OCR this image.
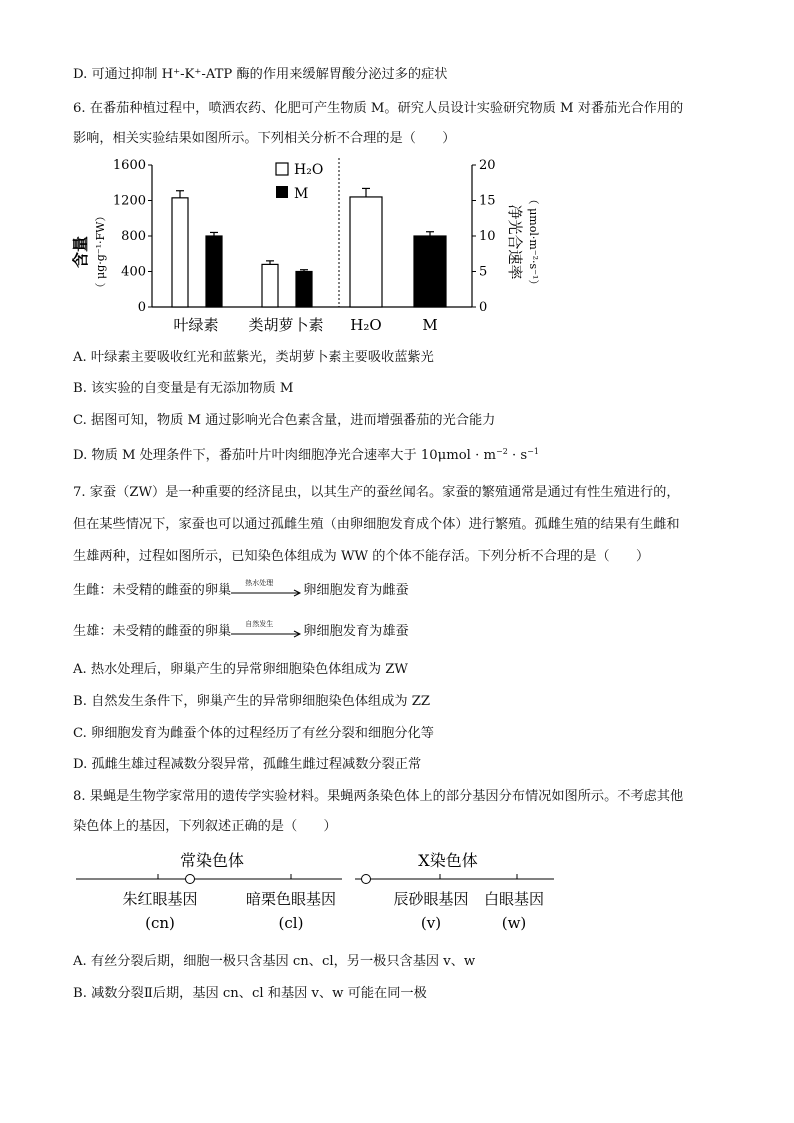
D. 可通过抑制 H⁺-K⁺-ATP 酶的作用来缓解胃酸分泌过多的症状
6. 在番茄种植过程中，喷洒农药、化肥可产生物质 M。研究人员设计实验研究物质 M 对番茄光合作用的
影响，相关实验结果如图所示。下列相关分析不合理的是（　　）
含量 （ μg·g⁻¹·FW）	净光合速率 （ μmol·m⁻²·s⁻¹）
0
400
800
1200
1600
0
5
10
15
20
H₂O
M
叶绿素 类胡萝卜素 H₂O	M
A. 叶绿素主要吸收红光和蓝紫光，类胡萝卜素主要吸收蓝紫光
B. 该实验的自变量是有无添加物质 M
C. 据图可知，物质 M 通过影响光合色素含量，进而增强番茄的光合能力
D. 物质 M 处理条件下，番茄叶片叶肉细胞净光合速率大于 $10\mu mol \cdot m^{-2} \cdot s^{-1}$
7. 家蚕（ZW）是一种重要的经济昆虫，以其生产的蚕丝闻名。家蚕的繁殖通常是通过有性生殖进行的，
但在某些情况下，家蚕也可以通过孤雌生殖（由卵细胞发育成个体）进行繁殖。孤雌生殖的结果有生雌和
生雄两种，过程如图所示，已知染色体组成为 WW 的个体不能存活。下列分析不合理的是（　　）
生雌：未受精的雌蚕的卵巢
热水处理
卵细胞发育为雌蚕
生雄：未受精的雌蚕的卵巢
自然发生
卵细胞发育为雄蚕
A. 热水处理后，卵巢产生的异常卵细胞染色体组成为 ZW
B. 自然发生条件下，卵巢产生的异常卵细胞染色体组成为 ZZ
C. 卵细胞发育为雌蚕个体的过程经历了有丝分裂和细胞分化等
D. 孤雌生雄过程减数分裂异常，孤雌生雌过程减数分裂正常
8. 果蝇是生物学家常用的遗传学实验材料。果蝇两条染色体上的部分基因分布情况如图所示。不考虑其他
染色体上的基因，下列叙述正确的是（　　）
常染色体	X染色体
朱红眼基因
(cn)
暗栗色眼基因
(cl)
辰砂眼基因
(v)
白眼基因
(w)
A. 有丝分裂后期，细胞一极只含基因 cn、cl，另一极只含基因 v、w
B. 减数分裂Ⅱ后期，基因 cn、cl 和基因 v、w 可能在同一极
